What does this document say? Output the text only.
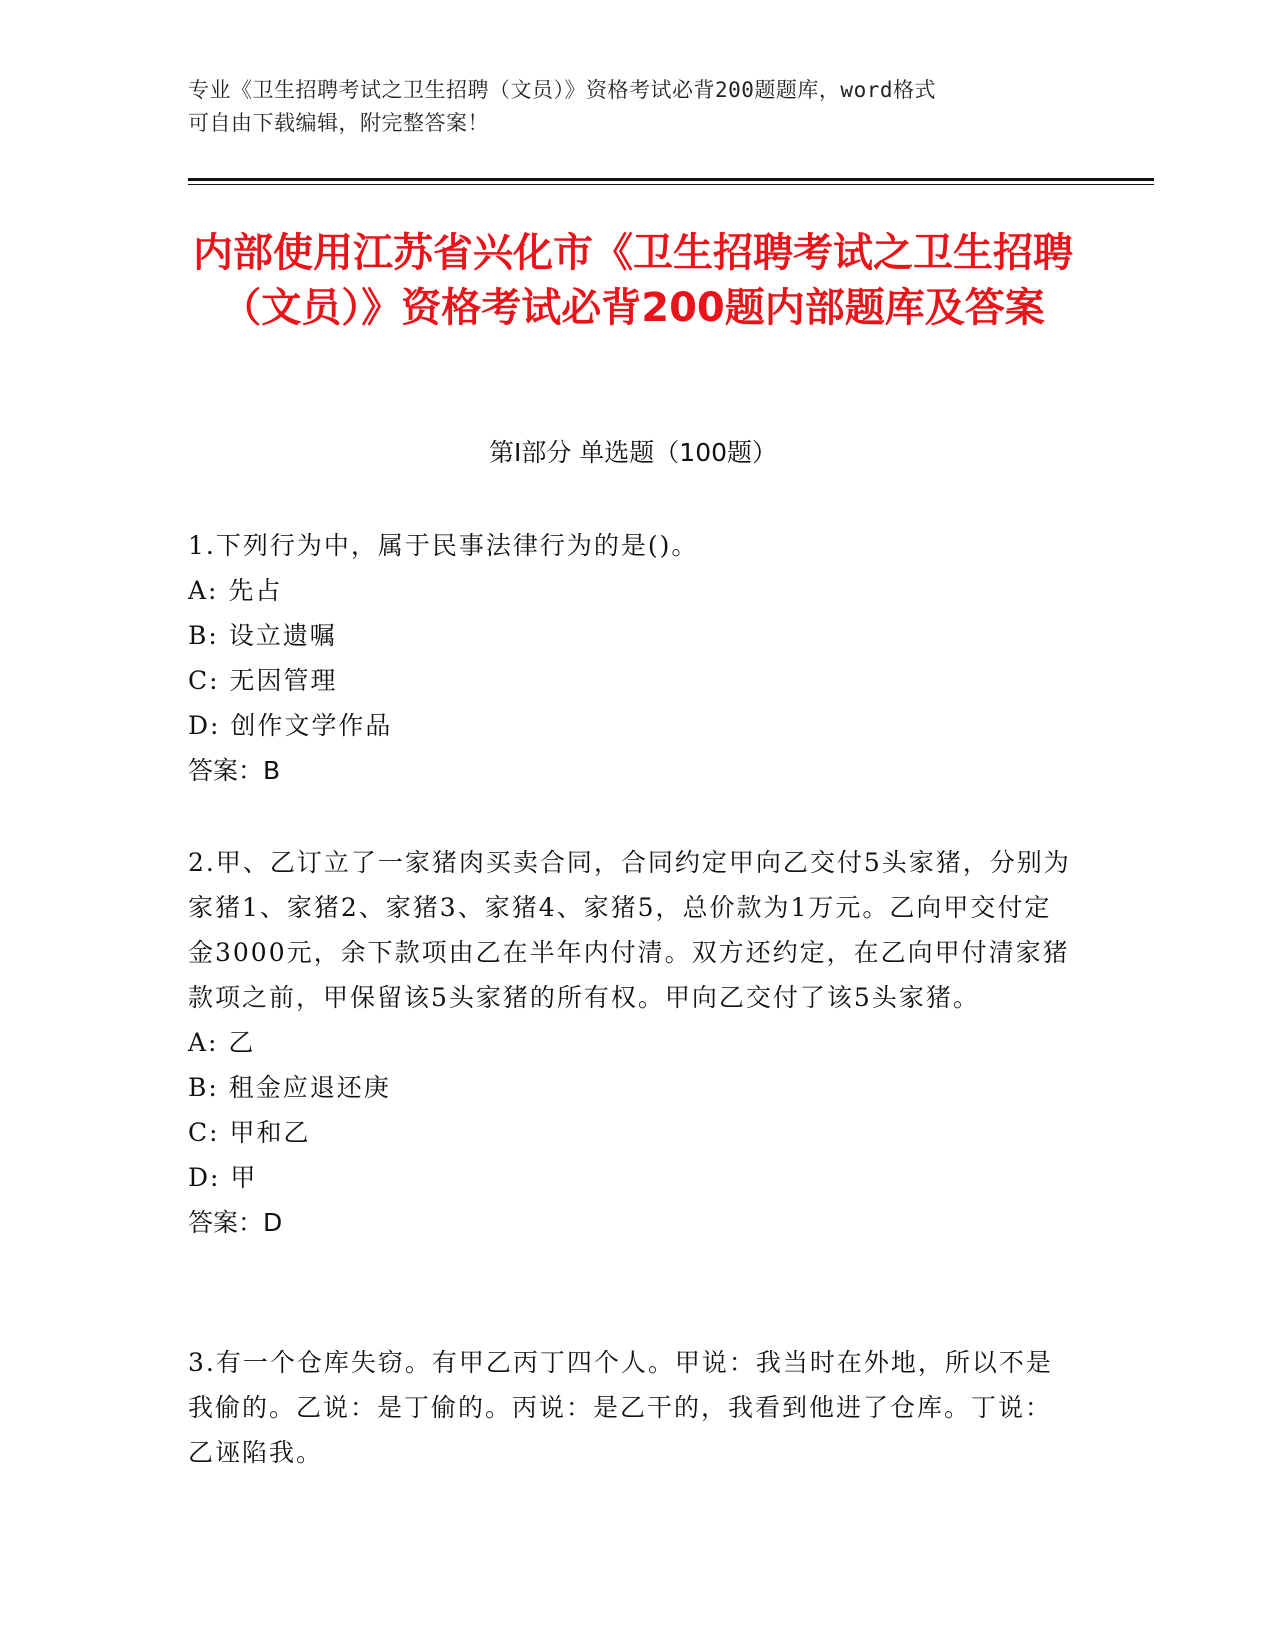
专业《卫生招聘考试之卫生招聘（文员）》资格考试必背200题题库，word格式
可自由下载编辑，附完整答案！
内部使用江苏省兴化市《卫生招聘考试之卫生招聘（文员）》资格考试必背200题内部题库及答案
第Ⅰ部分 单选题（100题）

1.下列行为中，属于民事法律行为的是()。

A: 先占

B: 设立遗嘱

C: 无因管理

D: 创作文学作品

答案：B

2.甲、乙订立了一家猪肉买卖合同，合同约定甲向乙交付5头家猪，分别为家猪1、家猪2、家猪3、家猪4、家猪5，总价款为1万元。乙向甲交付定金3000元，余下款项由乙在半年内付清。双方还约定，在乙向甲付清家猪款项之前，甲保留该5头家猪的所有权。甲向乙交付了该5头家猪。

A: 乙

B: 租金应退还庚

C: 甲和乙

D: 甲

答案：D

3.有一个仓库失窃。有甲乙丙丁四个人。甲说：我当时在外地，所以不是我偷的。乙说：是丁偷的。丙说：是乙干的，我看到他进了仓库。丁说：乙诬陷我。
